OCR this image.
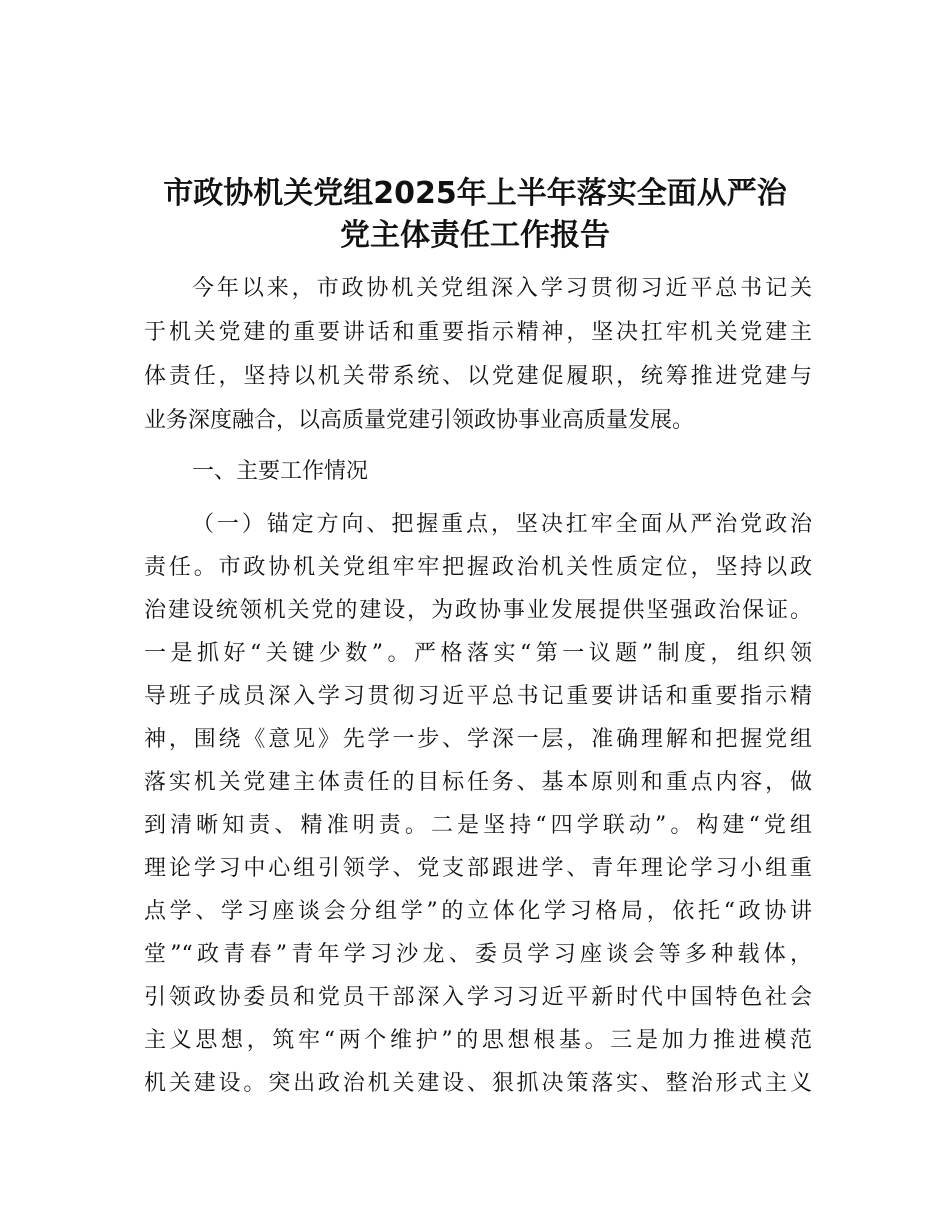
市政协机关党组2025年上半年落实全面从严治
党主体责任工作报告
今年以来，市政协机关党组深入学习贯彻习近平总书记关
于机关党建的重要讲话和重要指示精神，坚决扛牢机关党建主
体责任，坚持以机关带系统、以党建促履职，统筹推进党建与
业务深度融合，以高质量党建引领政协事业高质量发展。
一、主要工作情况
（一）锚定方向、把握重点，坚决扛牢全面从严治党政治
责任。市政协机关党组牢牢把握政治机关性质定位，坚持以政
治建设统领机关党的建设，为政协事业发展提供坚强政治保证。
一是抓好“关键少数”。严格落实“第一议题”制度，组织领
导班子成员深入学习贯彻习近平总书记重要讲话和重要指示精
神，围绕《意见》先学一步、学深一层，准确理解和把握党组
落实机关党建主体责任的目标任务、基本原则和重点内容，做
到清晰知责、精准明责。二是坚持“四学联动”。构建“党组
理论学习中心组引领学、党支部跟进学、青年理论学习小组重
点学、学习座谈会分组学”的立体化学习格局，依托“政协讲
堂”“政青春”青年学习沙龙、委员学习座谈会等多种载体，
引领政协委员和党员干部深入学习习近平新时代中国特色社会
主义思想，筑牢“两个维护”的思想根基。三是加力推进模范
机关建设。突出政治机关建设、狠抓决策落实、整治形式主义
